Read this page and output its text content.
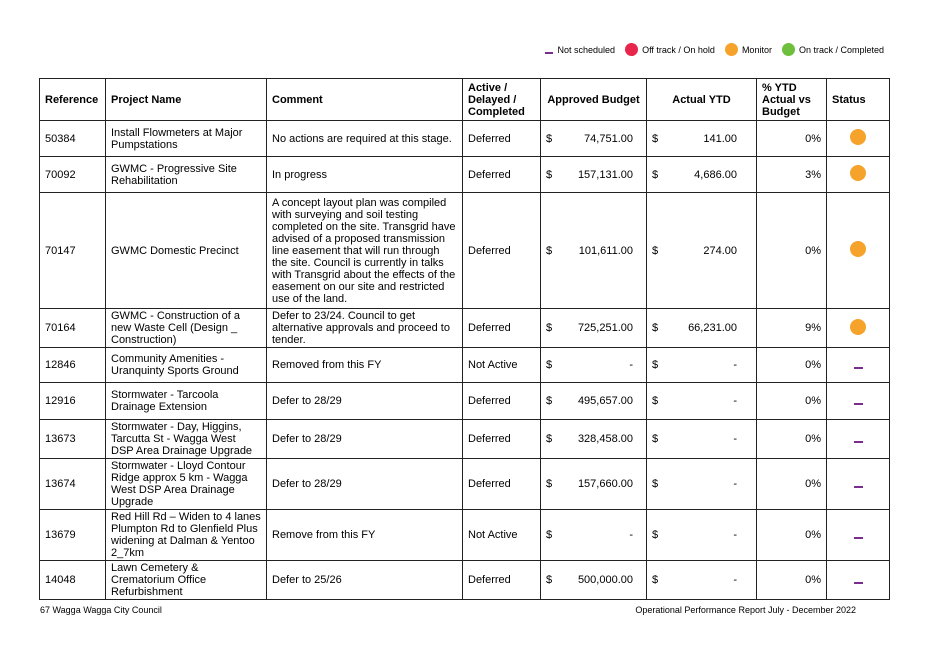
Not scheduled	Off track / On hold	Monitor	On track / Completed
Reference	Project Name	Comment	Active / Delayed / Completed	Approved Budget	Actual YTD	% YTD Actual vs Budget	Status
50384	Install Flowmeters at Major Pumpstations	No actions are required at this stage.	Deferred	$ 74,751.00	$ 141.00	0%	
70092	GWMC - Progressive Site Rehabilitation	In progress	Deferred	$ 157,131.00	$ 4,686.00	3%	
70147	GWMC Domestic Precinct	A concept layout plan was compiled with surveying and soil testing completed on the site. Transgrid have advised of a proposed transmission line easement that will run through the site. Council is currently in talks with Transgrid about the effects of the easement on our site and restricted use of the land.	Deferred	$ 101,611.00	$ 274.00	0%	
70164	GWMC - Construction of a new Waste Cell (Design _ Construction)	Defer to 23/24. Council to get alternative approvals and proceed to tender.	Deferred	$ 725,251.00	$ 66,231.00	9%	
12846	Community Amenities - Uranquinty Sports Ground	Removed from this FY	Not Active	$ -	$ -	0%	
12916	Stormwater - Tarcoola Drainage Extension	Defer to 28/29	Deferred	$ 495,657.00	$ -	0%	
13673	Stormwater - Day, Higgins, Tarcutta St - Wagga West DSP Area Drainage Upgrade	Defer to 28/29	Deferred	$ 328,458.00	$ -	0%	
13674	Stormwater - Lloyd Contour Ridge approx 5 km - Wagga West DSP Area Drainage Upgrade	Defer to 28/29	Deferred	$ 157,660.00	$ -	0%	
13679	Red Hill Rd – Widen to 4 lanes Plumpton Rd to Glenfield Plus widening at Dalman & Yentoo 2_7km	Remove from this FY	Not Active	$ -	$ -	0%	
14048	Lawn Cemetery & Crematorium Office Refurbishment	Defer to 25/26	Deferred	$ 500,000.00	$ -	0%	
67 Wagga Wagga City Council	Operational Performance Report July - December 2022
